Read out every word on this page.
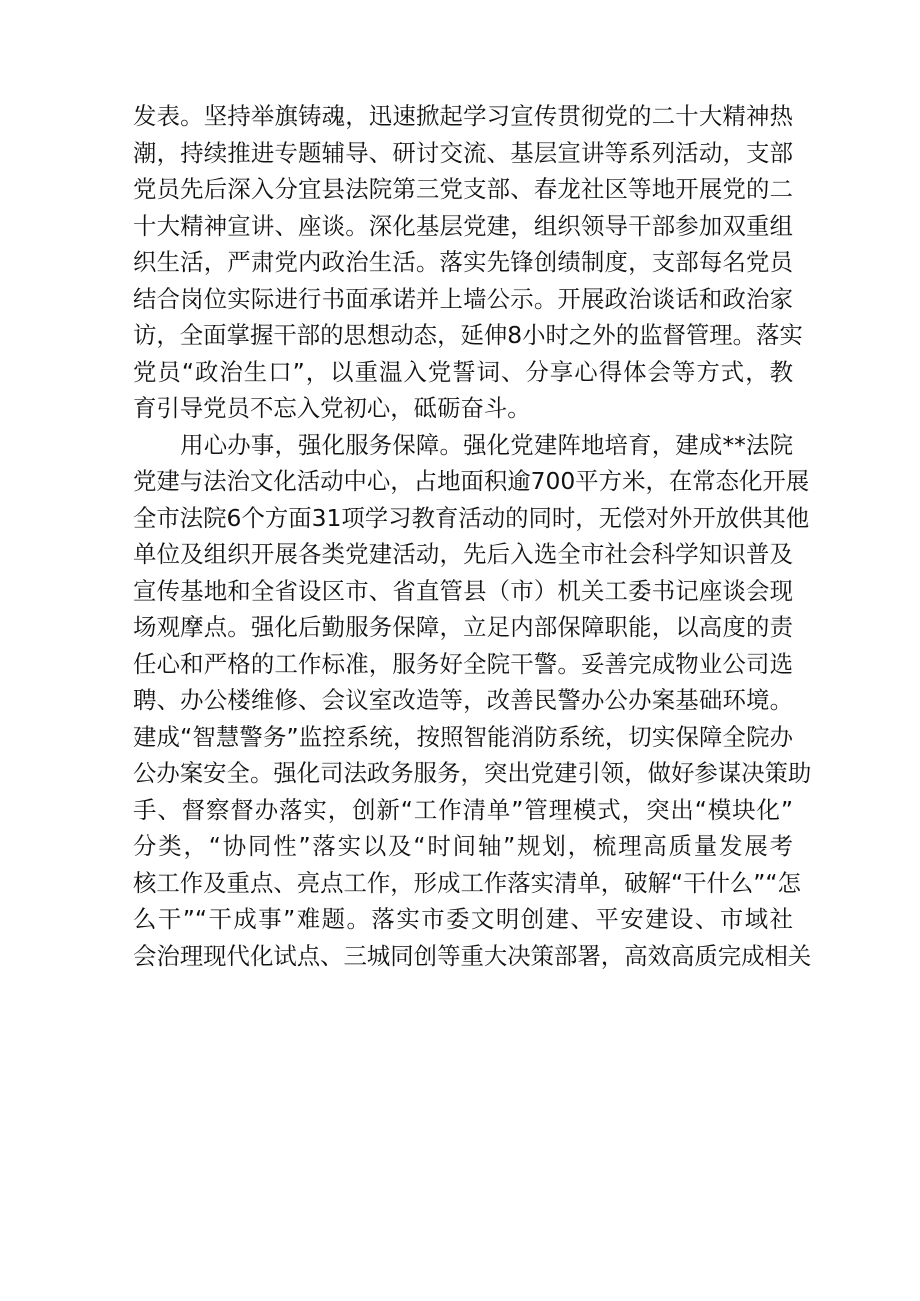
发表。坚持举旗铸魂，迅速掀起学习宣传贯彻党的二十大精神热
潮，持续推进专题辅导、研讨交流、基层宣讲等系列活动，支部
党员先后深入分宜县法院第三党支部、春龙社区等地开展党的二
十大精神宣讲、座谈。深化基层党建，组织领导干部参加双重组
织生活，严肃党内政治生活。落实先锋创绩制度，支部每名党员
结合岗位实际进行书面承诺并上墙公示。开展政治谈话和政治家
访，全面掌握干部的思想动态，延伸8小时之外的监督管理。落实
党员“政治生口”，以重温入党誓词、分享心得体会等方式，教
育引导党员不忘入党初心，砥砺奋斗。
　　用心办事，强化服务保障。强化党建阵地培育，建成**法院
党建与法治文化活动中心，占地面积逾700平方米，在常态化开展
全市法院6个方面31项学习教育活动的同时，无偿对外开放供其他
单位及组织开展各类党建活动，先后入选全市社会科学知识普及
宣传基地和全省设区市、省直管县（市）机关工委书记座谈会现
场观摩点。强化后勤服务保障，立足内部保障职能，以高度的责
任心和严格的工作标准，服务好全院干警。妥善完成物业公司选
聘、办公楼维修、会议室改造等，改善民警办公办案基础环境。
建成“智慧警务”监控系统，按照智能消防系统，切实保障全院办
公办案安全。强化司法政务服务，突出党建引领，做好参谋决策助
手、督察督办落实，创新“工作清单”管理模式，突出“模块化”
分类，“协同性”落实以及“时间轴”规划，梳理高质量发展考
核工作及重点、亮点工作，形成工作落实清单，破解“干什么”“怎
么干”“干成事”难题。落实市委文明创建、平安建设、市域社
会治理现代化试点、三城同创等重大决策部署，高效高质完成相关
